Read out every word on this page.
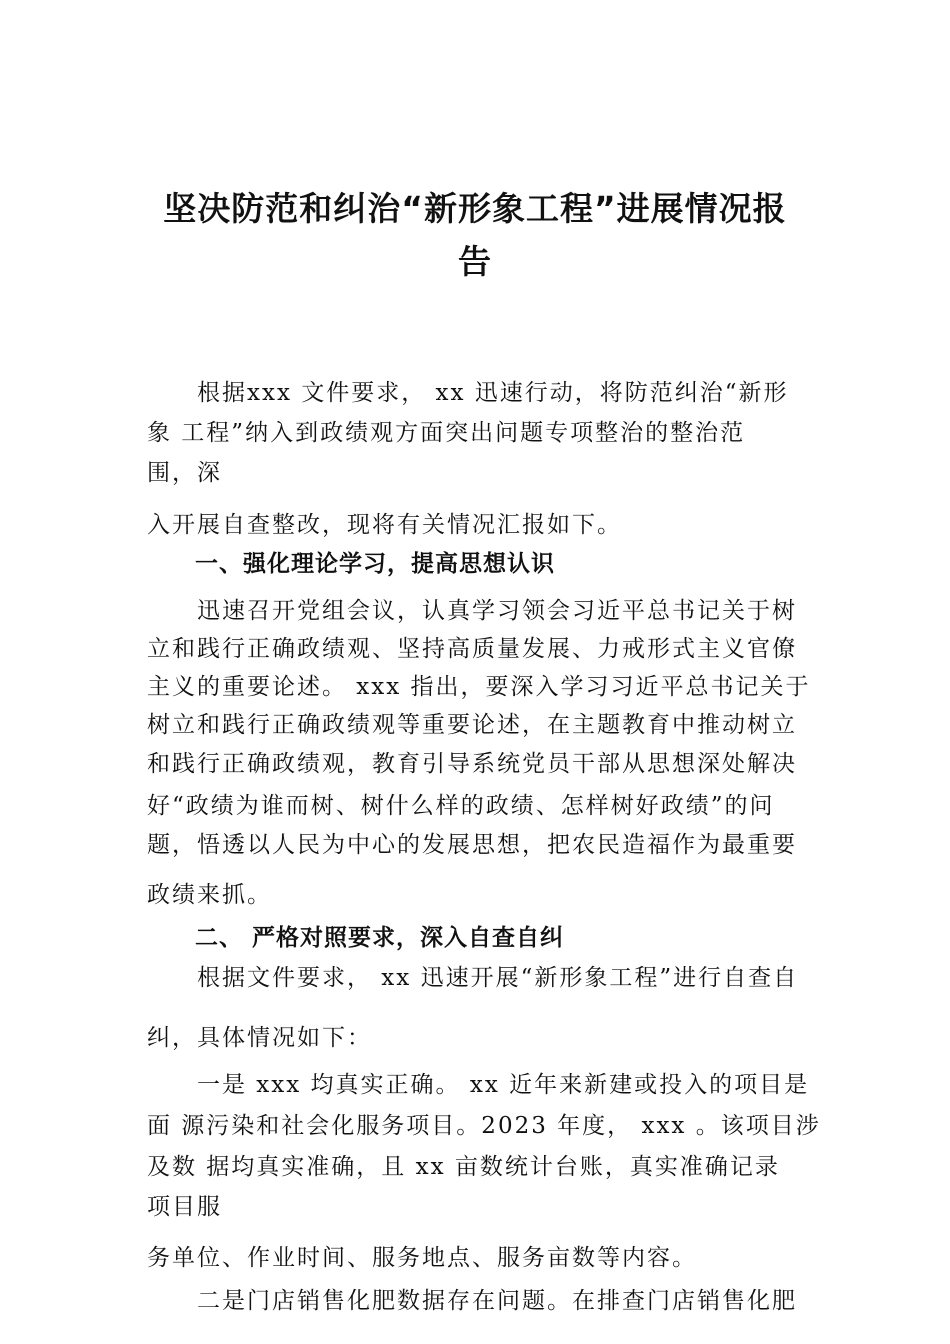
坚决防范和纠治“新形象工程”进展情况报
告
根据xxx 文件要求， xx 迅速行动，将防范纠治“新形
象 工程”纳入到政绩观方面突出问题专项整治的整治范
围，深
入开展自查整改，现将有关情况汇报如下。
一、强化理论学习，提高思想认识
迅速召开党组会议，认真学习领会习近平总书记关于树
立和践行正确政绩观、坚持高质量发展、力戒形式主义官僚
主义的重要论述。 xxx 指出，要深入学习习近平总书记关于
树立和践行正确政绩观等重要论述，在主题教育中推动树立
和践行正确政绩观，教育引导系统党员干部从思想深处解决
好“政绩为谁而树、树什么样的政绩、怎样树好政绩”的问
题，悟透以人民为中心的发展思想，把农民造福作为最重要
政绩来抓。
二、 严格对照要求，深入自查自纠
根据文件要求， xx 迅速开展“新形象工程”进行自查自
纠，具体情况如下：
一是 xxx 均真实正确。 xx 近年来新建或投入的项目是
面 源污染和社会化服务项目。2023 年度， xxx 。该项目涉
及数 据均真实准确，且 xx 亩数统计台账，真实准确记录
项目服
务单位、作业时间、服务地点、服务亩数等内容。
二是门店销售化肥数据存在问题。在排查门店销售化肥
